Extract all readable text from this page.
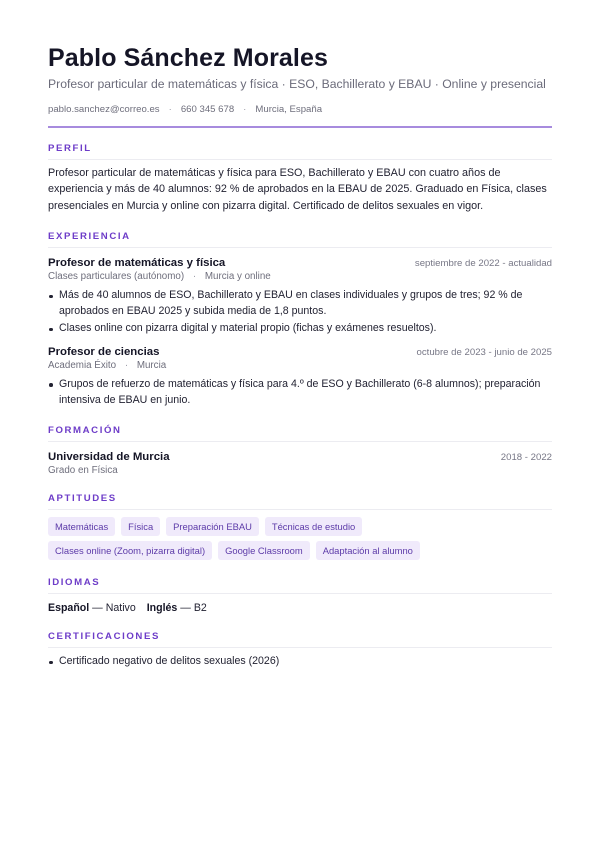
Pablo Sánchez Morales
Profesor particular de matemáticas y física · ESO, Bachillerato y EBAU · Online y presencial
pablo.sanchez@correo.es · 660 345 678 · Murcia, España
PERFIL
Profesor particular de matemáticas y física para ESO, Bachillerato y EBAU con cuatro años de experiencia y más de 40 alumnos: 92 % de aprobados en la EBAU de 2025. Graduado en Física, clases presenciales en Murcia y online con pizarra digital. Certificado de delitos sexuales en vigor.
EXPERIENCIA
Profesor de matemáticas y física	septiembre de 2022 - actualidad
Clases particulares (autónomo) · Murcia y online
Más de 40 alumnos de ESO, Bachillerato y EBAU en clases individuales y grupos de tres; 92 % de aprobados en EBAU 2025 y subida media de 1,8 puntos.
Clases online con pizarra digital y material propio (fichas y exámenes resueltos).
Profesor de ciencias	octubre de 2023 - junio de 2025
Academia Éxito · Murcia
Grupos de refuerzo de matemáticas y física para 4.º de ESO y Bachillerato (6-8 alumnos); preparación intensiva de EBAU en junio.
FORMACIÓN
Universidad de Murcia	2018 - 2022
Grado en Física
APTITUDES
Matemáticas	Física	Preparación EBAU	Técnicas de estudio
Clases online (Zoom, pizarra digital)	Google Classroom	Adaptación al alumno
IDIOMAS
Español — Nativo Inglés — B2
CERTIFICACIONES
Certificado negativo de delitos sexuales (2026)
